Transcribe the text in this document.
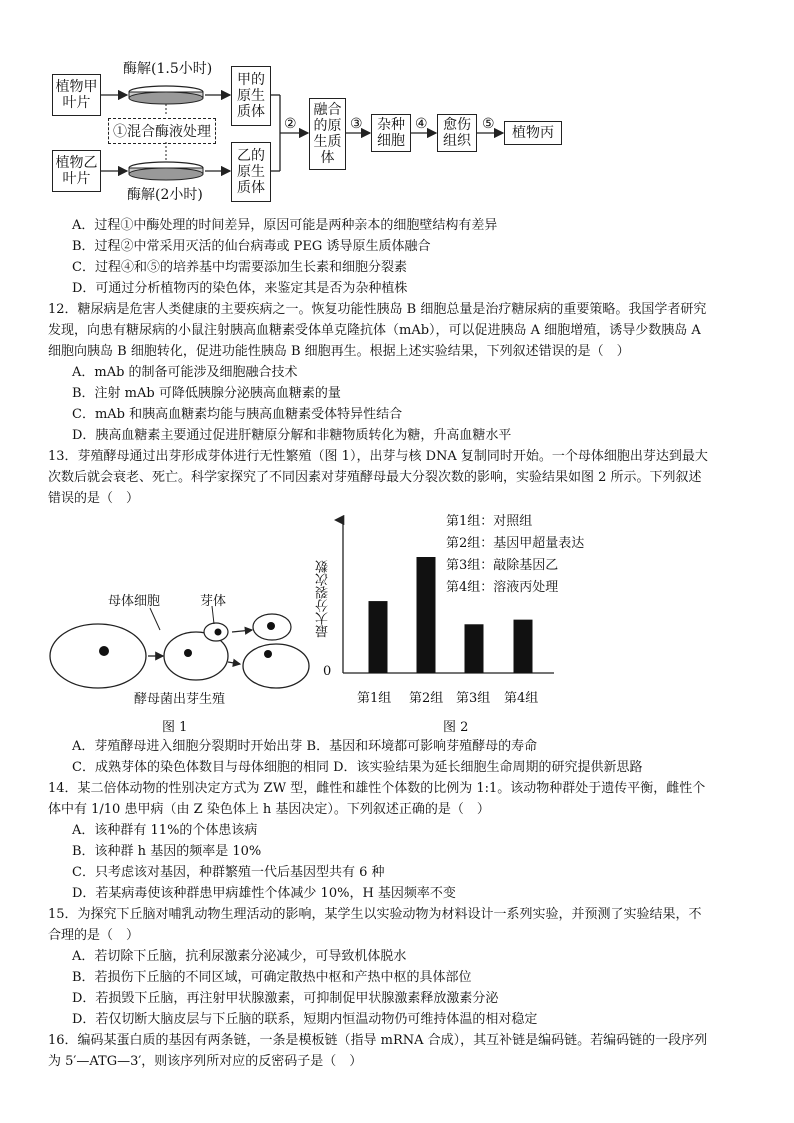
植物甲叶片
植物乙叶片
酶解(1.5小时)
酶解(2小时)
①混合酶液处理
甲的原生质体
乙的原生质体
②
融合的原生质体
③	杂种细胞
④	愈伤组织
⑤
植物丙
A．过程①中酶处理的时间差异，原因可能是两种亲本的细胞壁结构有差异
B．过程②中常采用灭活的仙台病毒或 PEG 诱导原生质体融合
C．过程④和⑤的培养基中均需要添加生长素和细胞分裂素
D．可通过分析植物丙的染色体，来鉴定其是否为杂种植株
12．糖尿病是危害人类健康的主要疾病之一。恢复功能性胰岛 B 细胞总量是治疗糖尿病的重要策略。我国学者研究
发现，向患有糖尿病的小鼠注射胰高血糖素受体单克隆抗体（mAb），可以促进胰岛 A 细胞增殖，诱导少数胰岛 A
细胞向胰岛 B 细胞转化，促进功能性胰岛 B 细胞再生。根据上述实验结果，下列叙述错误的是（　）
A．mAb 的制备可能涉及细胞融合技术
B．注射 mAb 可降低胰腺分泌胰高血糖素的量
C．mAb 和胰高血糖素均能与胰高血糖素受体特异性结合
D．胰高血糖素主要通过促进肝糖原分解和非糖物质转化为糖，升高血糖水平
13．芽殖酵母通过出芽形成芽体进行无性繁殖（图 1），出芽与核 DNA 复制同时开始。一个母体细胞出芽达到最大
次数后就会衰老、死亡。科学家探究了不同因素对芽殖酵母最大分裂次数的影响，实验结果如图 2 所示。下列叙述
错误的是（　）
母体细胞	芽体
酵母菌出芽生殖
图 1
0
最大分裂次数
第1组 第2组 第3组 第4组
第1组：对照组
第2组：基因甲超量表达
第3组：敲除基因乙
第4组：溶液丙处理
图 2
A．芽殖酵母进入细胞分裂期时开始出芽 B．基因和环境都可影响芽殖酵母的寿命
C．成熟芽体的染色体数目与母体细胞的相同 D．该实验结果为延长细胞生命周期的研究提供新思路
14．某二倍体动物的性别决定方式为 ZW 型，雌性和雄性个体数的比例为 1:1。该动物种群处于遗传平衡，雌性个
体中有 1/10 患甲病（由 Z 染色体上 h 基因决定）。下列叙述正确的是（　）
A．该种群有 11%的个体患该病
B．该种群 h 基因的频率是 10%
C．只考虑该对基因，种群繁殖一代后基因型共有 6 种
D．若某病毒使该种群患甲病雄性个体减少 10%，H 基因频率不变
15．为探究下丘脑对哺乳动物生理活动的影响，某学生以实验动物为材料设计一系列实验，并预测了实验结果，不
合理的是（　）
A．若切除下丘脑，抗利尿激素分泌减少，可导致机体脱水
B．若损伤下丘脑的不同区域，可确定散热中枢和产热中枢的具体部位
D．若损毁下丘脑，再注射甲状腺激素，可抑制促甲状腺激素释放激素分泌
D．若仅切断大脑皮层与下丘脑的联系，短期内恒温动物仍可维持体温的相对稳定
16．编码某蛋白质的基因有两条链，一条是模板链（指导 mRNA 合成），其互补链是编码链。若编码链的一段序列
为 5′—ATG—3′，则该序列所对应的反密码子是（　）
